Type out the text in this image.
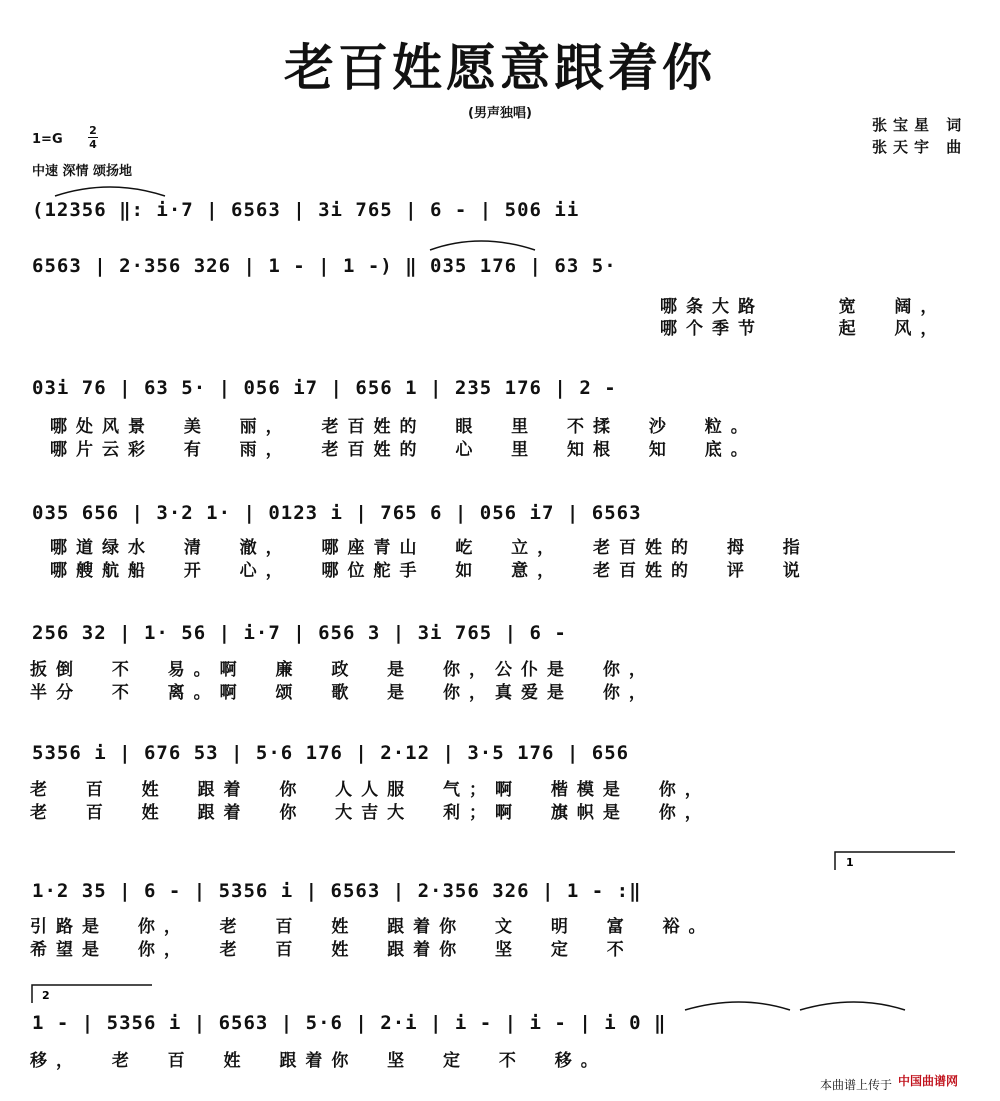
老百姓愿意跟着你
(男声独唱)
张宝星 词
张天宇 曲
1=G
2
4
中速 深情 颂扬地
(12356 ‖: i·7 | 6563 | 3i 765 | 6 - | 506 ii
6563 | 2·356 326 | 1 - | 1 -) ‖ 035 176 | 63 5·
03i 76 | 63 5· | 056 i7 | 656 1 | 235 176 | 2 -
035 656 | 3·2 1· | 0123 i | 765 6 | 056 i7 | 6563
256 32 | 1· 56 | i·7 | 656 3 | 3i 765 | 6 -
5356 i | 676 53 | 5·6 176 | 2·12 | 3·5 176 | 656
1·2 35 | 6 - | 5356 i | 6563 | 2·356 326 | 1 - :‖
1 - | 5356 i | 6563 | 5·6 | 2·i | i - | i - | i 0 ‖
哪条大路     宽  阔，
哪个季节     起  风，
哪处风景  美  丽，  老百姓的  眼  里  不揉  沙  粒。
哪片云彩  有  雨，  老百姓的  心  里  知根  知  底。
哪道绿水  清  澈，  哪座青山  屹  立，  老百姓的  拇  指
哪艘航船  开  心，  哪位舵手  如  意，  老百姓的  评  说
扳倒  不  易。啊  廉  政  是  你，公仆是  你，
半分  不  离。啊  颂  歌  是  你，真爱是  你，
老  百  姓  跟着  你  人人服  气；啊  楷模是  你，
老  百  姓  跟着  你  大吉大  利；啊  旗帜是  你，
引路是  你，  老  百  姓  跟着你  文  明  富  裕。
希望是  你，  老  百  姓  跟着你  坚  定  不
移，  老  百  姓  跟着你  坚  定  不  移。
1
2
本曲谱上传于 中国曲谱网
